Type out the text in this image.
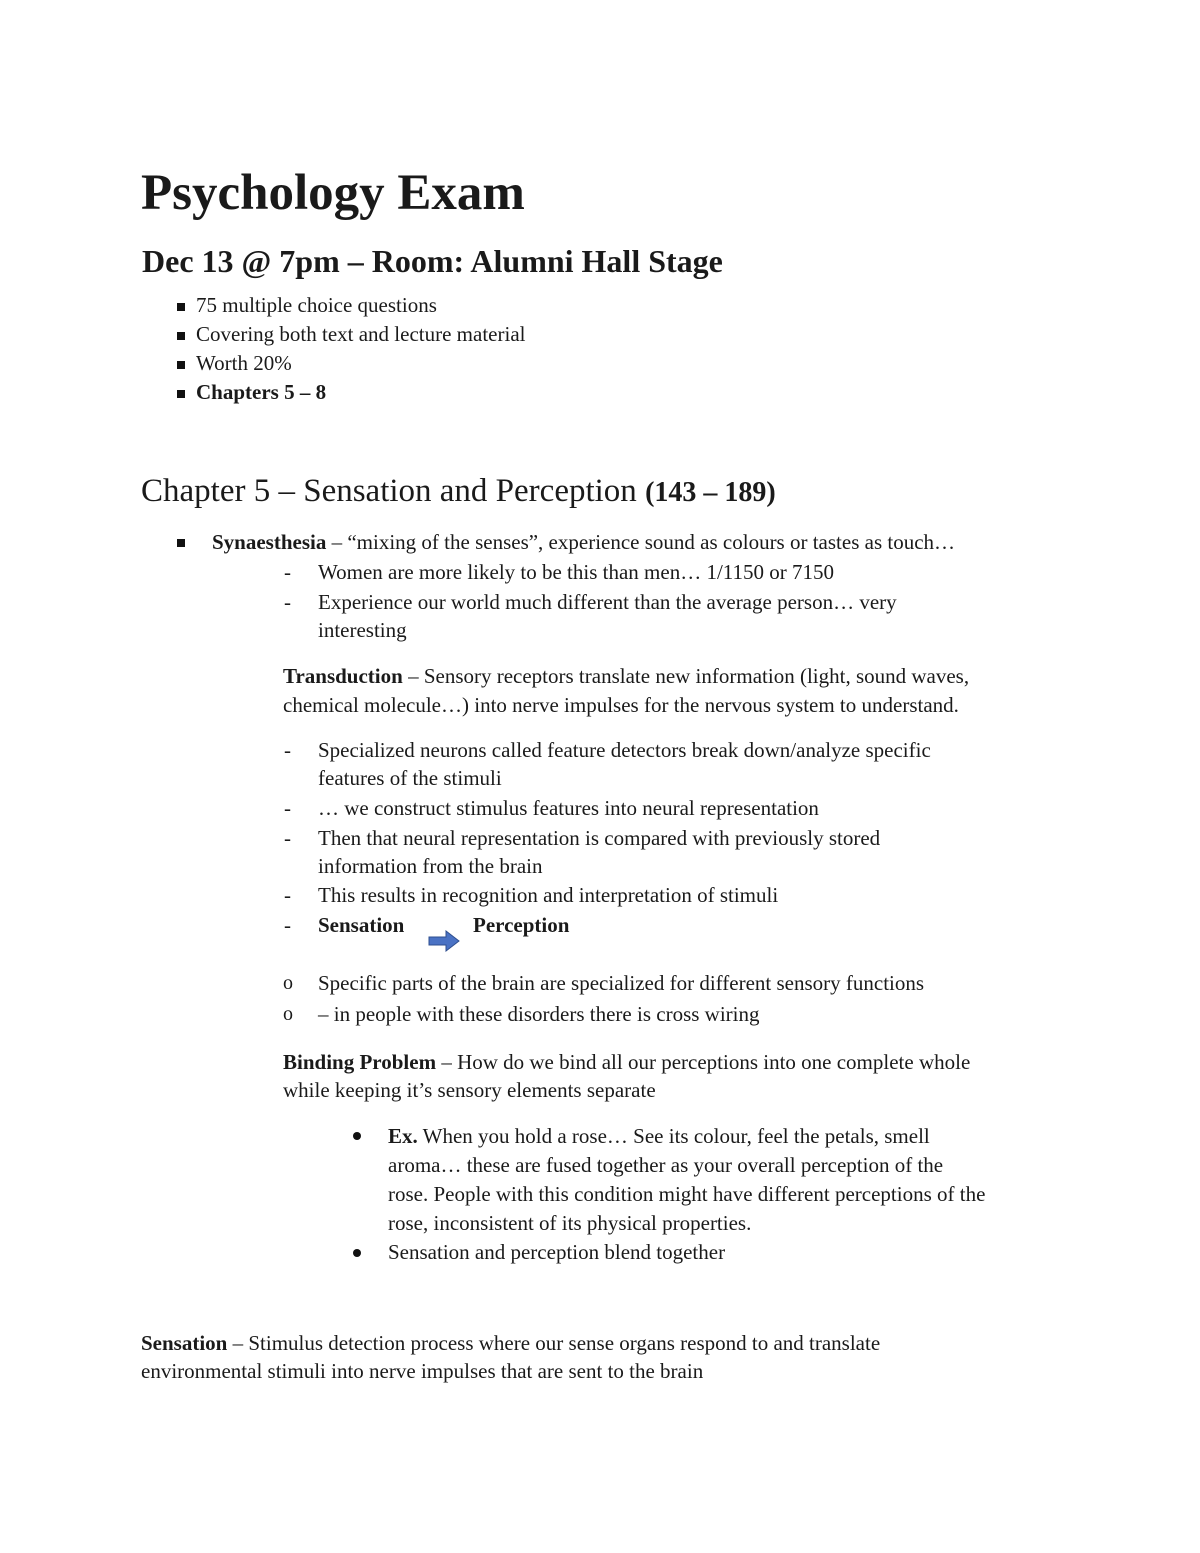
Psychology Exam
Dec 13 @ 7pm – Room: Alumni Hall Stage
75 multiple choice questions
Covering both text and lecture material
Worth 20%
Chapters 5 – 8
Chapter 5 – Sensation and Perception (143 – 189)
Synaesthesia – “mixing of the senses”, experience sound as colours or tastes as touch…
- Women are more likely to be this than men… 1/1150 or 7150
- Experience our world much different than the average person… very
interesting
Transduction – Sensory receptors translate new information (light, sound waves,
chemical molecule…) into nerve impulses for the nervous system to understand.
- Specialized neurons called feature detectors break down/analyze specific
features of the stimuli
- … we construct stimulus features into neural representation
- Then that neural representation is compared with previously stored
information from the brain
- This results in recognition and interpretation of stimuli
- Sensation	Perception
o Specific parts of the brain are specialized for different sensory functions
o – in people with these disorders there is cross wiring
Binding Problem – How do we bind all our perceptions into one complete whole
while keeping it’s sensory elements separate
Ex. When you hold a rose… See its colour, feel the petals, smell
aroma… these are fused together as your overall perception of the
rose. People with this condition might have different perceptions of the
rose, inconsistent of its physical properties.
Sensation and perception blend together
Sensation – Stimulus detection process where our sense organs respond to and translate
environmental stimuli into nerve impulses that are sent to the brain
